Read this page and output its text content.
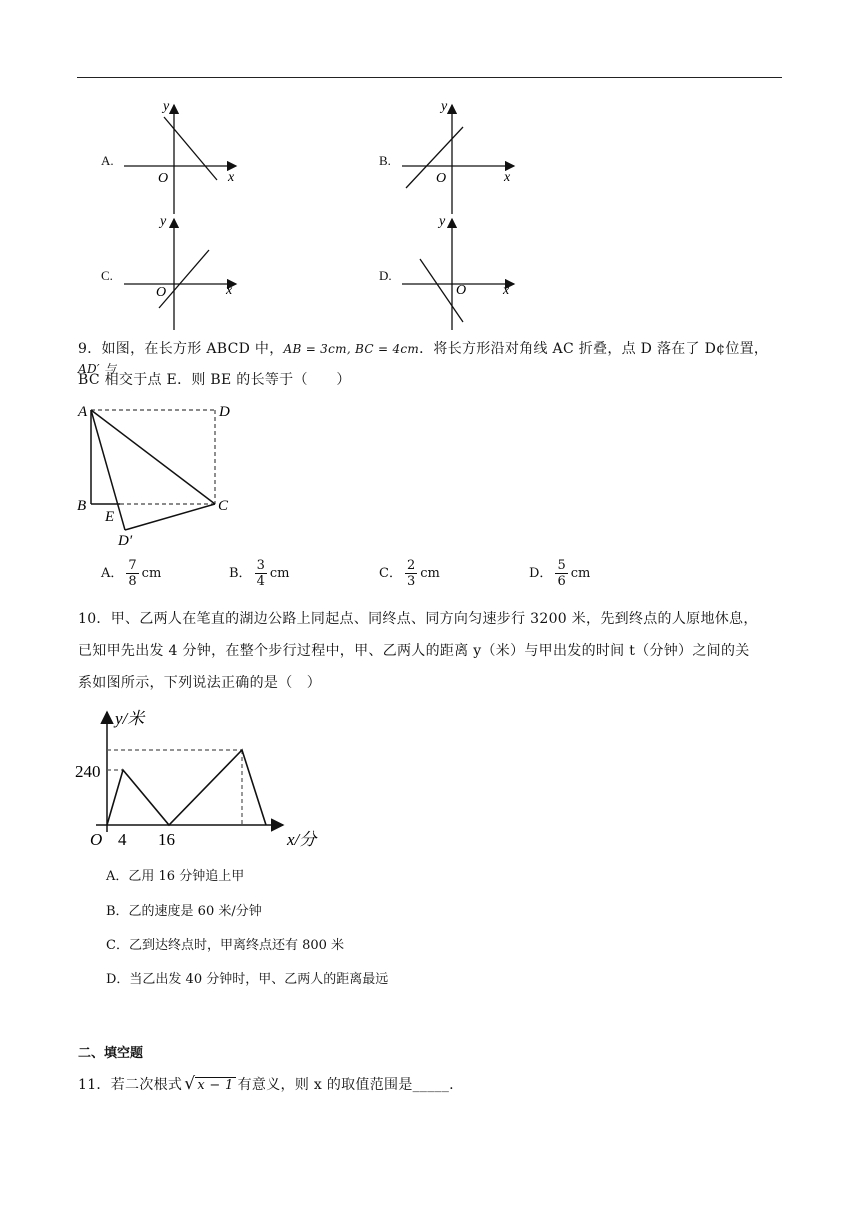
A.	B.
C.	D.
y
x
O
y
x
O
y
x
O
y
x
O
9．如图，在长方形 ABCD 中，AB = 3cm, BC = 4cm．将长方形沿对角线 AC 折叠，点 D 落在了 D¢位置，AD′ 与
BC 相交于点 E．则 BE 的长等于（　　）
A	D
B	C
E
D′
A． $\frac{7}{8}$ cm	B． $\frac{3}{4}$ cm	C． $\frac{2}{3}$ cm	D． $\frac{5}{6}$ cm
10．甲、乙两人在笔直的湖边公路上同起点、同终点、同方向匀速步行 3200 米，先到终点的人原地休息，
已知甲先出发 4 分钟，在整个步行过程中，甲、乙两人的距离 y（米）与甲出发的时间 t（分钟）之间的关
系如图所示，下列说法正确的是（　）
y/米
x/分
O
240
4 16
A．乙用 16 分钟追上甲
B．乙的速度是 60 米/分钟
C．乙到达终点时，甲离终点还有 800 米
D．当乙出发 40 分钟时，甲、乙两人的距离最远
二、填空题
11．若二次根式 √ x − 1 有意义，则 x 的取值范围是_____.
